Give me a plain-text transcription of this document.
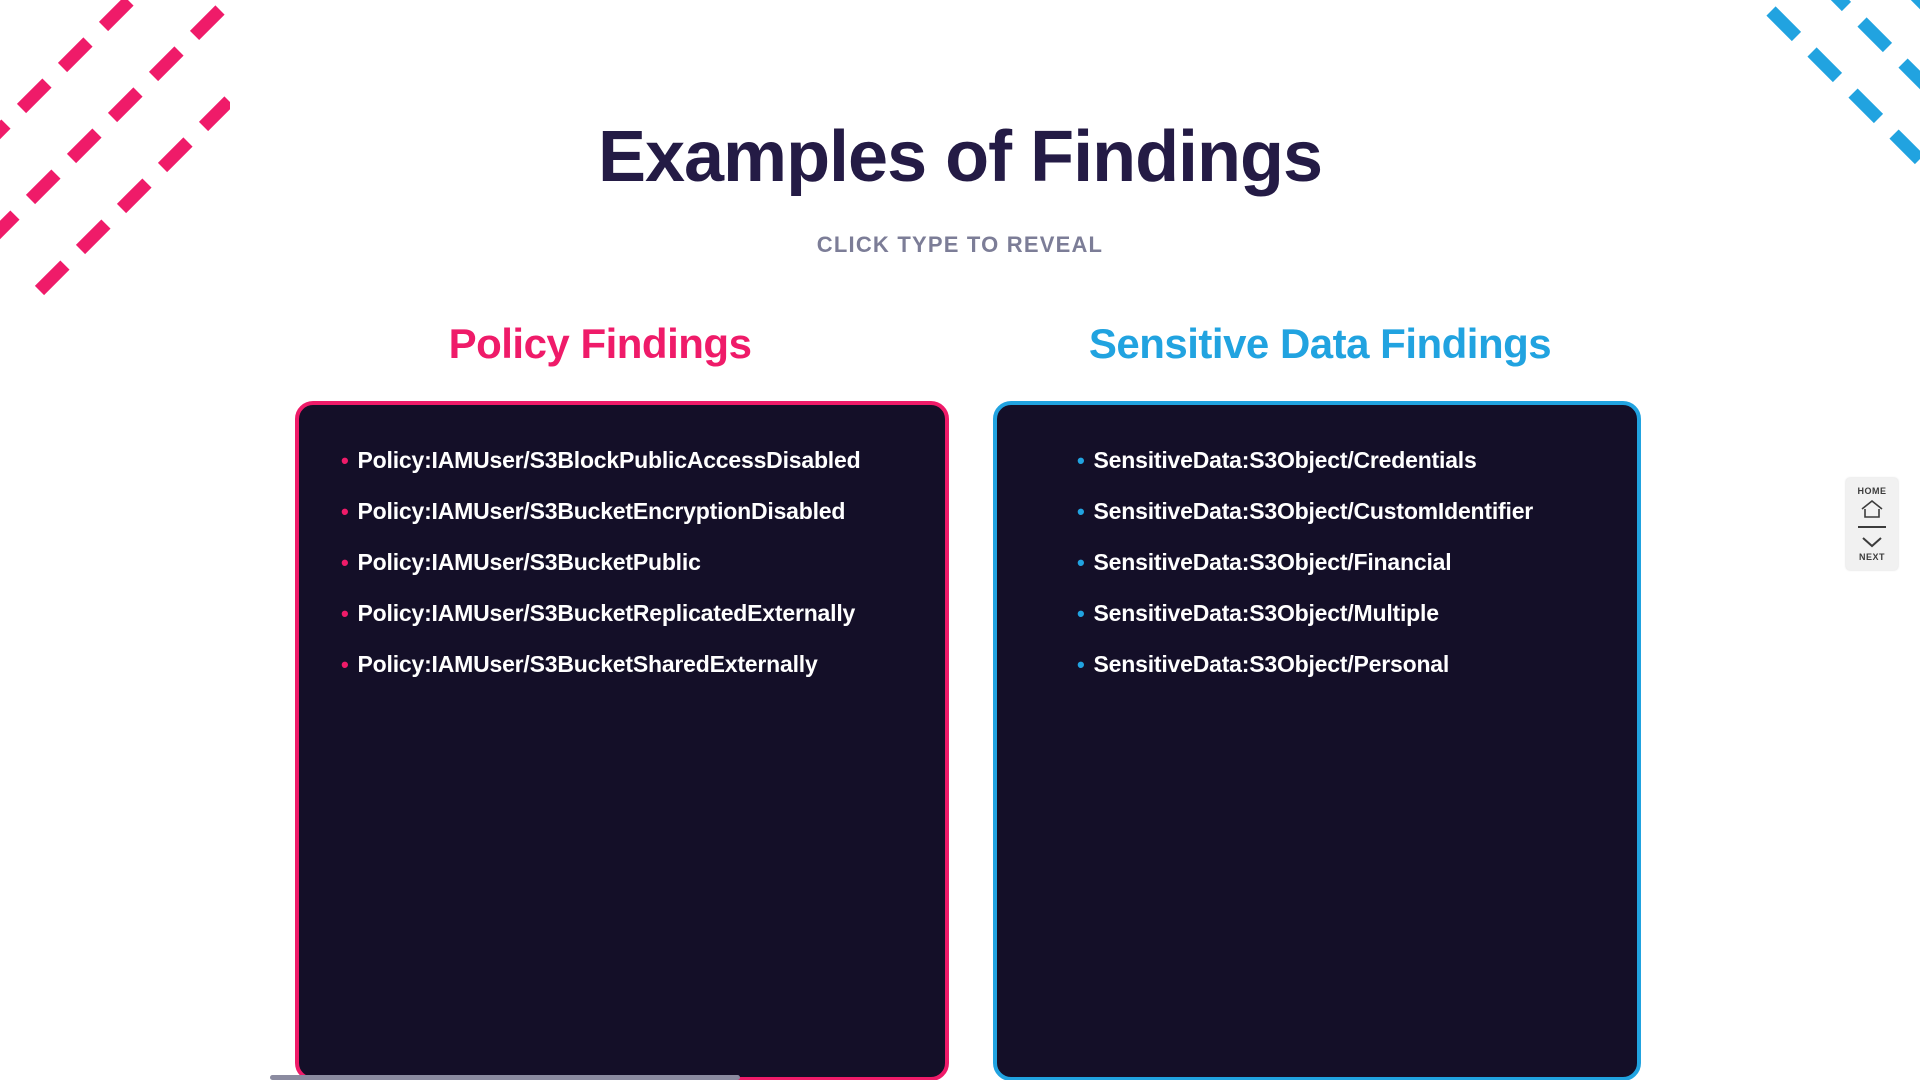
Examples of Findings
CLICK TYPE TO REVEAL
Policy Findings
• Policy:IAMUser/S3BlockPublicAccessDisabled
• Policy:IAMUser/S3BucketEncryptionDisabled
• Policy:IAMUser/S3BucketPublic
• Policy:IAMUser/S3BucketReplicatedExternally
• Policy:IAMUser/S3BucketSharedExternally
Sensitive Data Findings
• SensitiveData:S3Object/Credentials
• SensitiveData:S3Object/CustomIdentifier
• SensitiveData:S3Object/Financial
• SensitiveData:S3Object/Multiple
• SensitiveData:S3Object/Personal
HOME
NEXT
